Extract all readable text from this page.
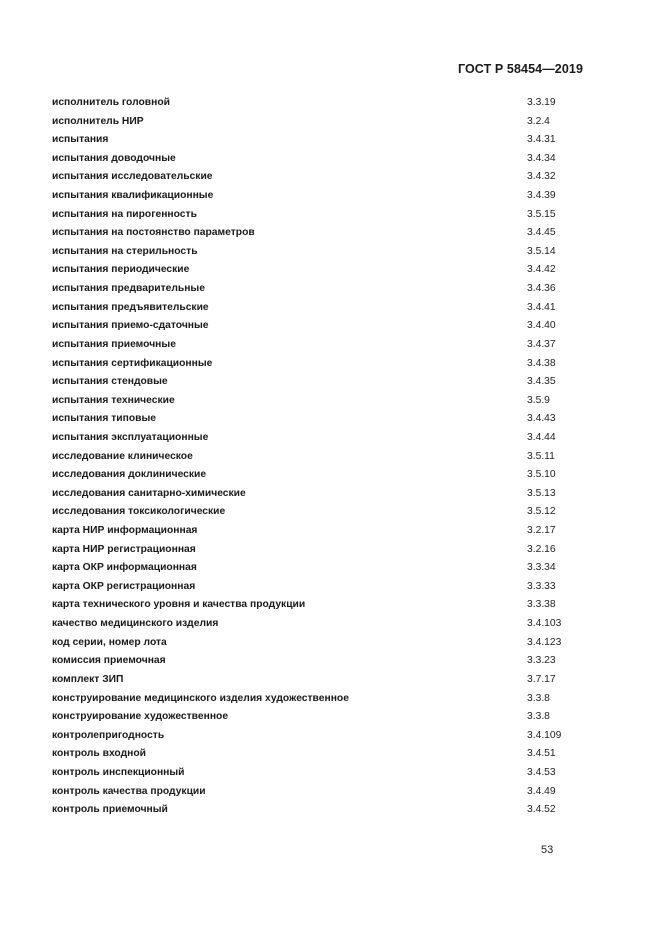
ГОСТ Р 58454—2019
исполнитель головной	3.3.19
исполнитель НИР	3.2.4
испытания	3.4.31
испытания доводочные	3.4.34
испытания исследовательские	3.4.32
испытания квалификационные	3.4.39
испытания на пирогенность	3.5.15
испытания на постоянство параметров	3.4.45
испытания на стерильность	3.5.14
испытания периодические	3.4.42
испытания предварительные	3.4.36
испытания предъявительские	3.4.41
испытания приемо-сдаточные	3.4.40
испытания приемочные	3.4.37
испытания сертификационные	3.4.38
испытания стендовые	3.4.35
испытания технические	3.5.9
испытания типовые	3.4.43
испытания эксплуатационные	3.4.44
исследование клиническое	3.5.11
исследования доклинические	3.5.10
исследования санитарно-химические	3.5.13
исследования токсикологические	3.5.12
карта НИР информационная	3.2.17
карта НИР регистрационная	3.2.16
карта ОКР информационная	3.3.34
карта ОКР регистрационная	3.3.33
карта технического уровня и качества продукции	3.3.38
качество медицинского изделия	3.4.103
код серии, номер лота	3.4.123
комиссия приемочная	3.3.23
комплект ЗИП	3.7.17
конструирование медицинского изделия художественное	3.3.8
конструирование художественное	3.3.8
контролепригодность	3.4.109
контроль входной	3.4.51
контроль инспекционный	3.4.53
контроль качества продукции	3.4.49
контроль приемочный	3.4.52
53
